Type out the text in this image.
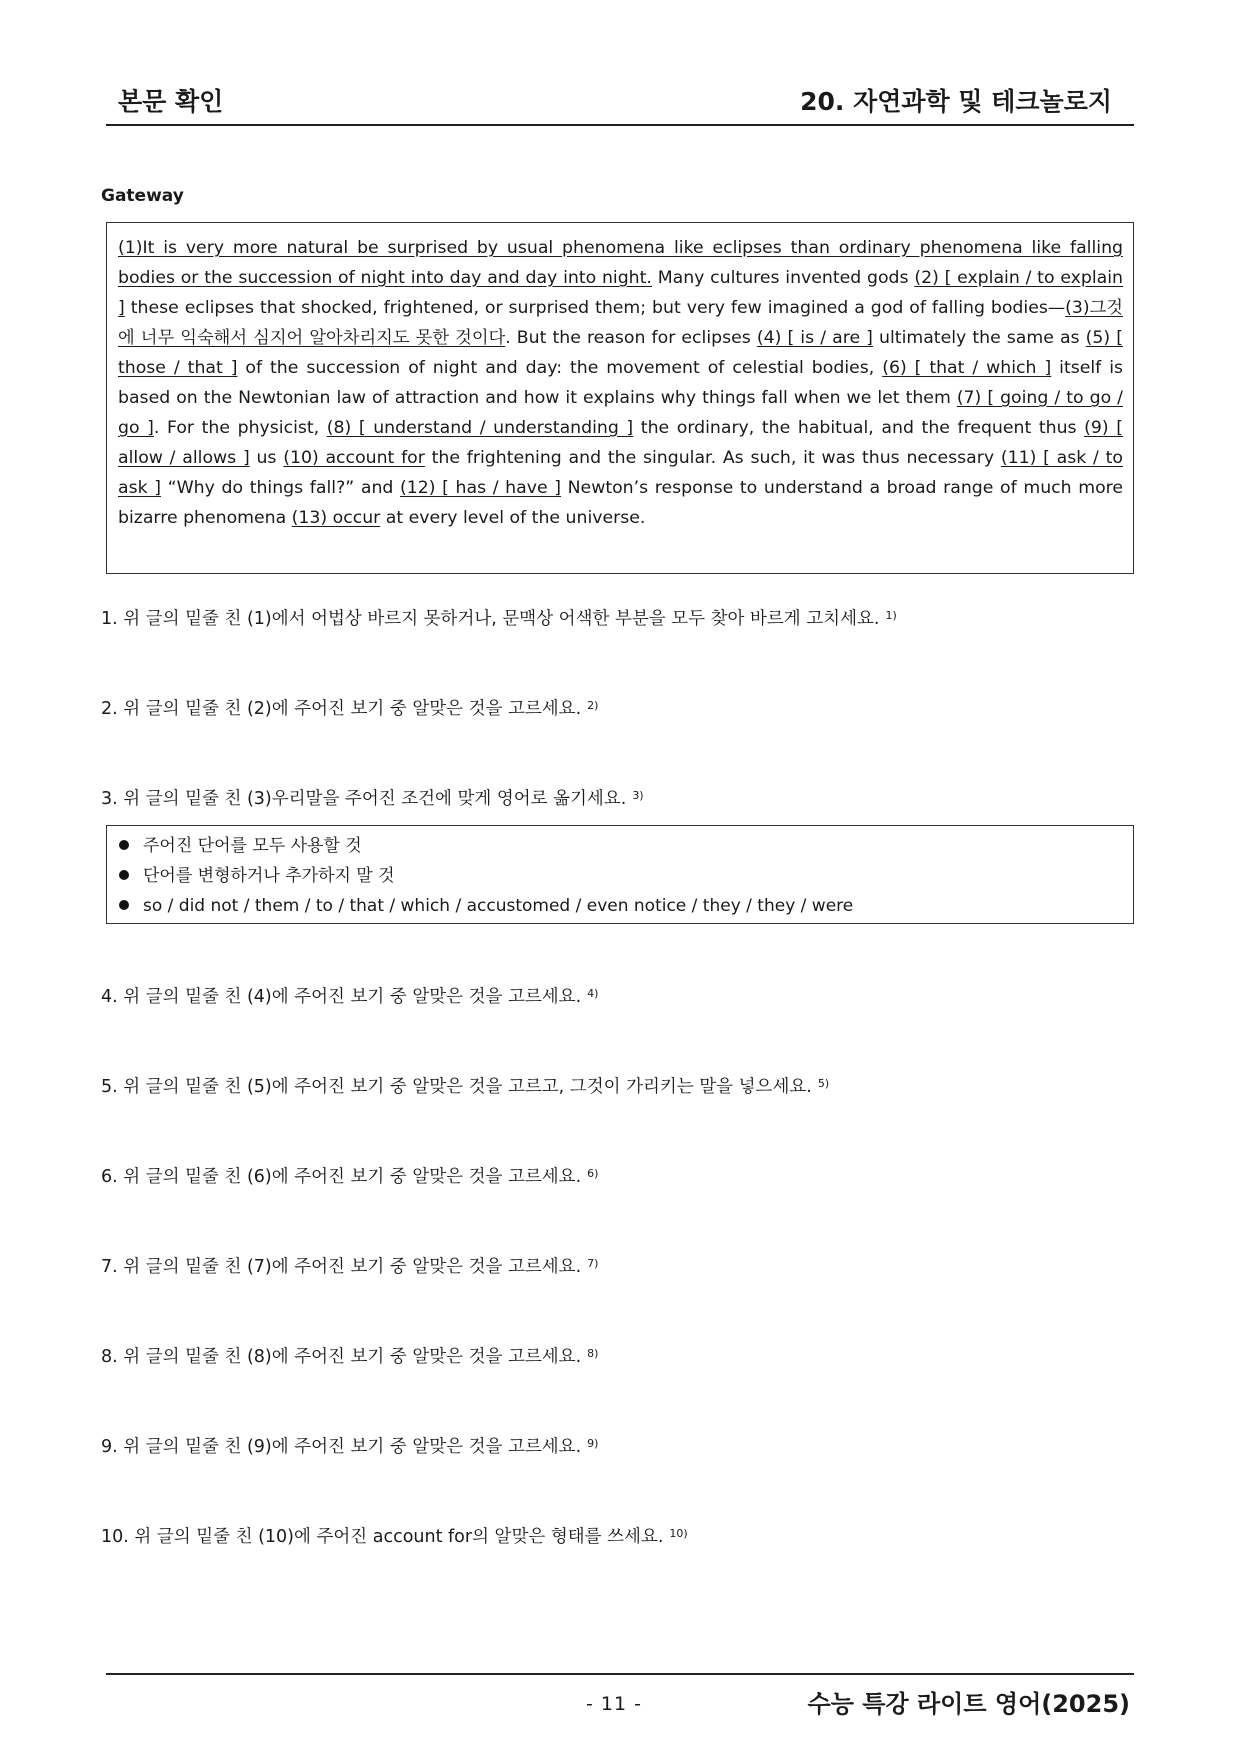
본문 확인	20. 자연과학 및 테크놀로지
Gateway
(1)It is very more natural be surprised by usual phenomena like eclipses than ordinary phenomena like falling bodies or the succession of night into day and day into night. Many cultures invented gods (2) [ explain / to explain ] these eclipses that shocked, frightened, or surprised them; but very few imagined a god of falling bodies—(3)그것에 너무 익숙해서 심지어 알아차리지도 못한 것이다. But the reason for eclipses (4) [ is / are ] ultimately the same as (5) [ those / that ] of the succession of night and day: the movement of celestial bodies, (6) [ that / which ] itself is based on the Newtonian law of attraction and how it explains why things fall when we let them (7) [ going / to go / go ]. For the physicist, (8) [ understand / understanding ] the ordinary, the habitual, and the frequent thus (9) [ allow / allows ] us (10) account for the frightening and the singular. As such, it was thus necessary (11) [ ask / to ask ] “Why do things fall?” and (12) [ has / have ] Newton’s response to understand a broad range of much more bizarre phenomena (13) occur at every level of the universe.
1. 위 글의 밑줄 친 (1)에서 어법상 바르지 못하거나, 문맥상 어색한 부분을 모두 찾아 바르게 고치세요. $^{1)}$
2. 위 글의 밑줄 친 (2)에 주어진 보기 중 알맞은 것을 고르세요. $^{2)}$
3. 위 글의 밑줄 친 (3)우리말을 주어진 조건에 맞게 영어로 옮기세요. $^{3)}$
주어진 단어를 모두 사용할 것
단어를 변형하거나 추가하지 말 것
so / did not / them / to / that / which / accustomed / even notice / they / they / were
4. 위 글의 밑줄 친 (4)에 주어진 보기 중 알맞은 것을 고르세요. $^{4)}$
5. 위 글의 밑줄 친 (5)에 주어진 보기 중 알맞은 것을 고르고, 그것이 가리키는 말을 넣으세요. $^{5)}$
6. 위 글의 밑줄 친 (6)에 주어진 보기 중 알맞은 것을 고르세요. $^{6)}$
7. 위 글의 밑줄 친 (7)에 주어진 보기 중 알맞은 것을 고르세요. $^{7)}$
8. 위 글의 밑줄 친 (8)에 주어진 보기 중 알맞은 것을 고르세요. $^{8)}$
9. 위 글의 밑줄 친 (9)에 주어진 보기 중 알맞은 것을 고르세요. $^{9)}$
10. 위 글의 밑줄 친 (10)에 주어진 account for의 알맞은 형태를 쓰세요. $^{10)}$
- 11 -	수능 특강 라이트 영어(2025)
